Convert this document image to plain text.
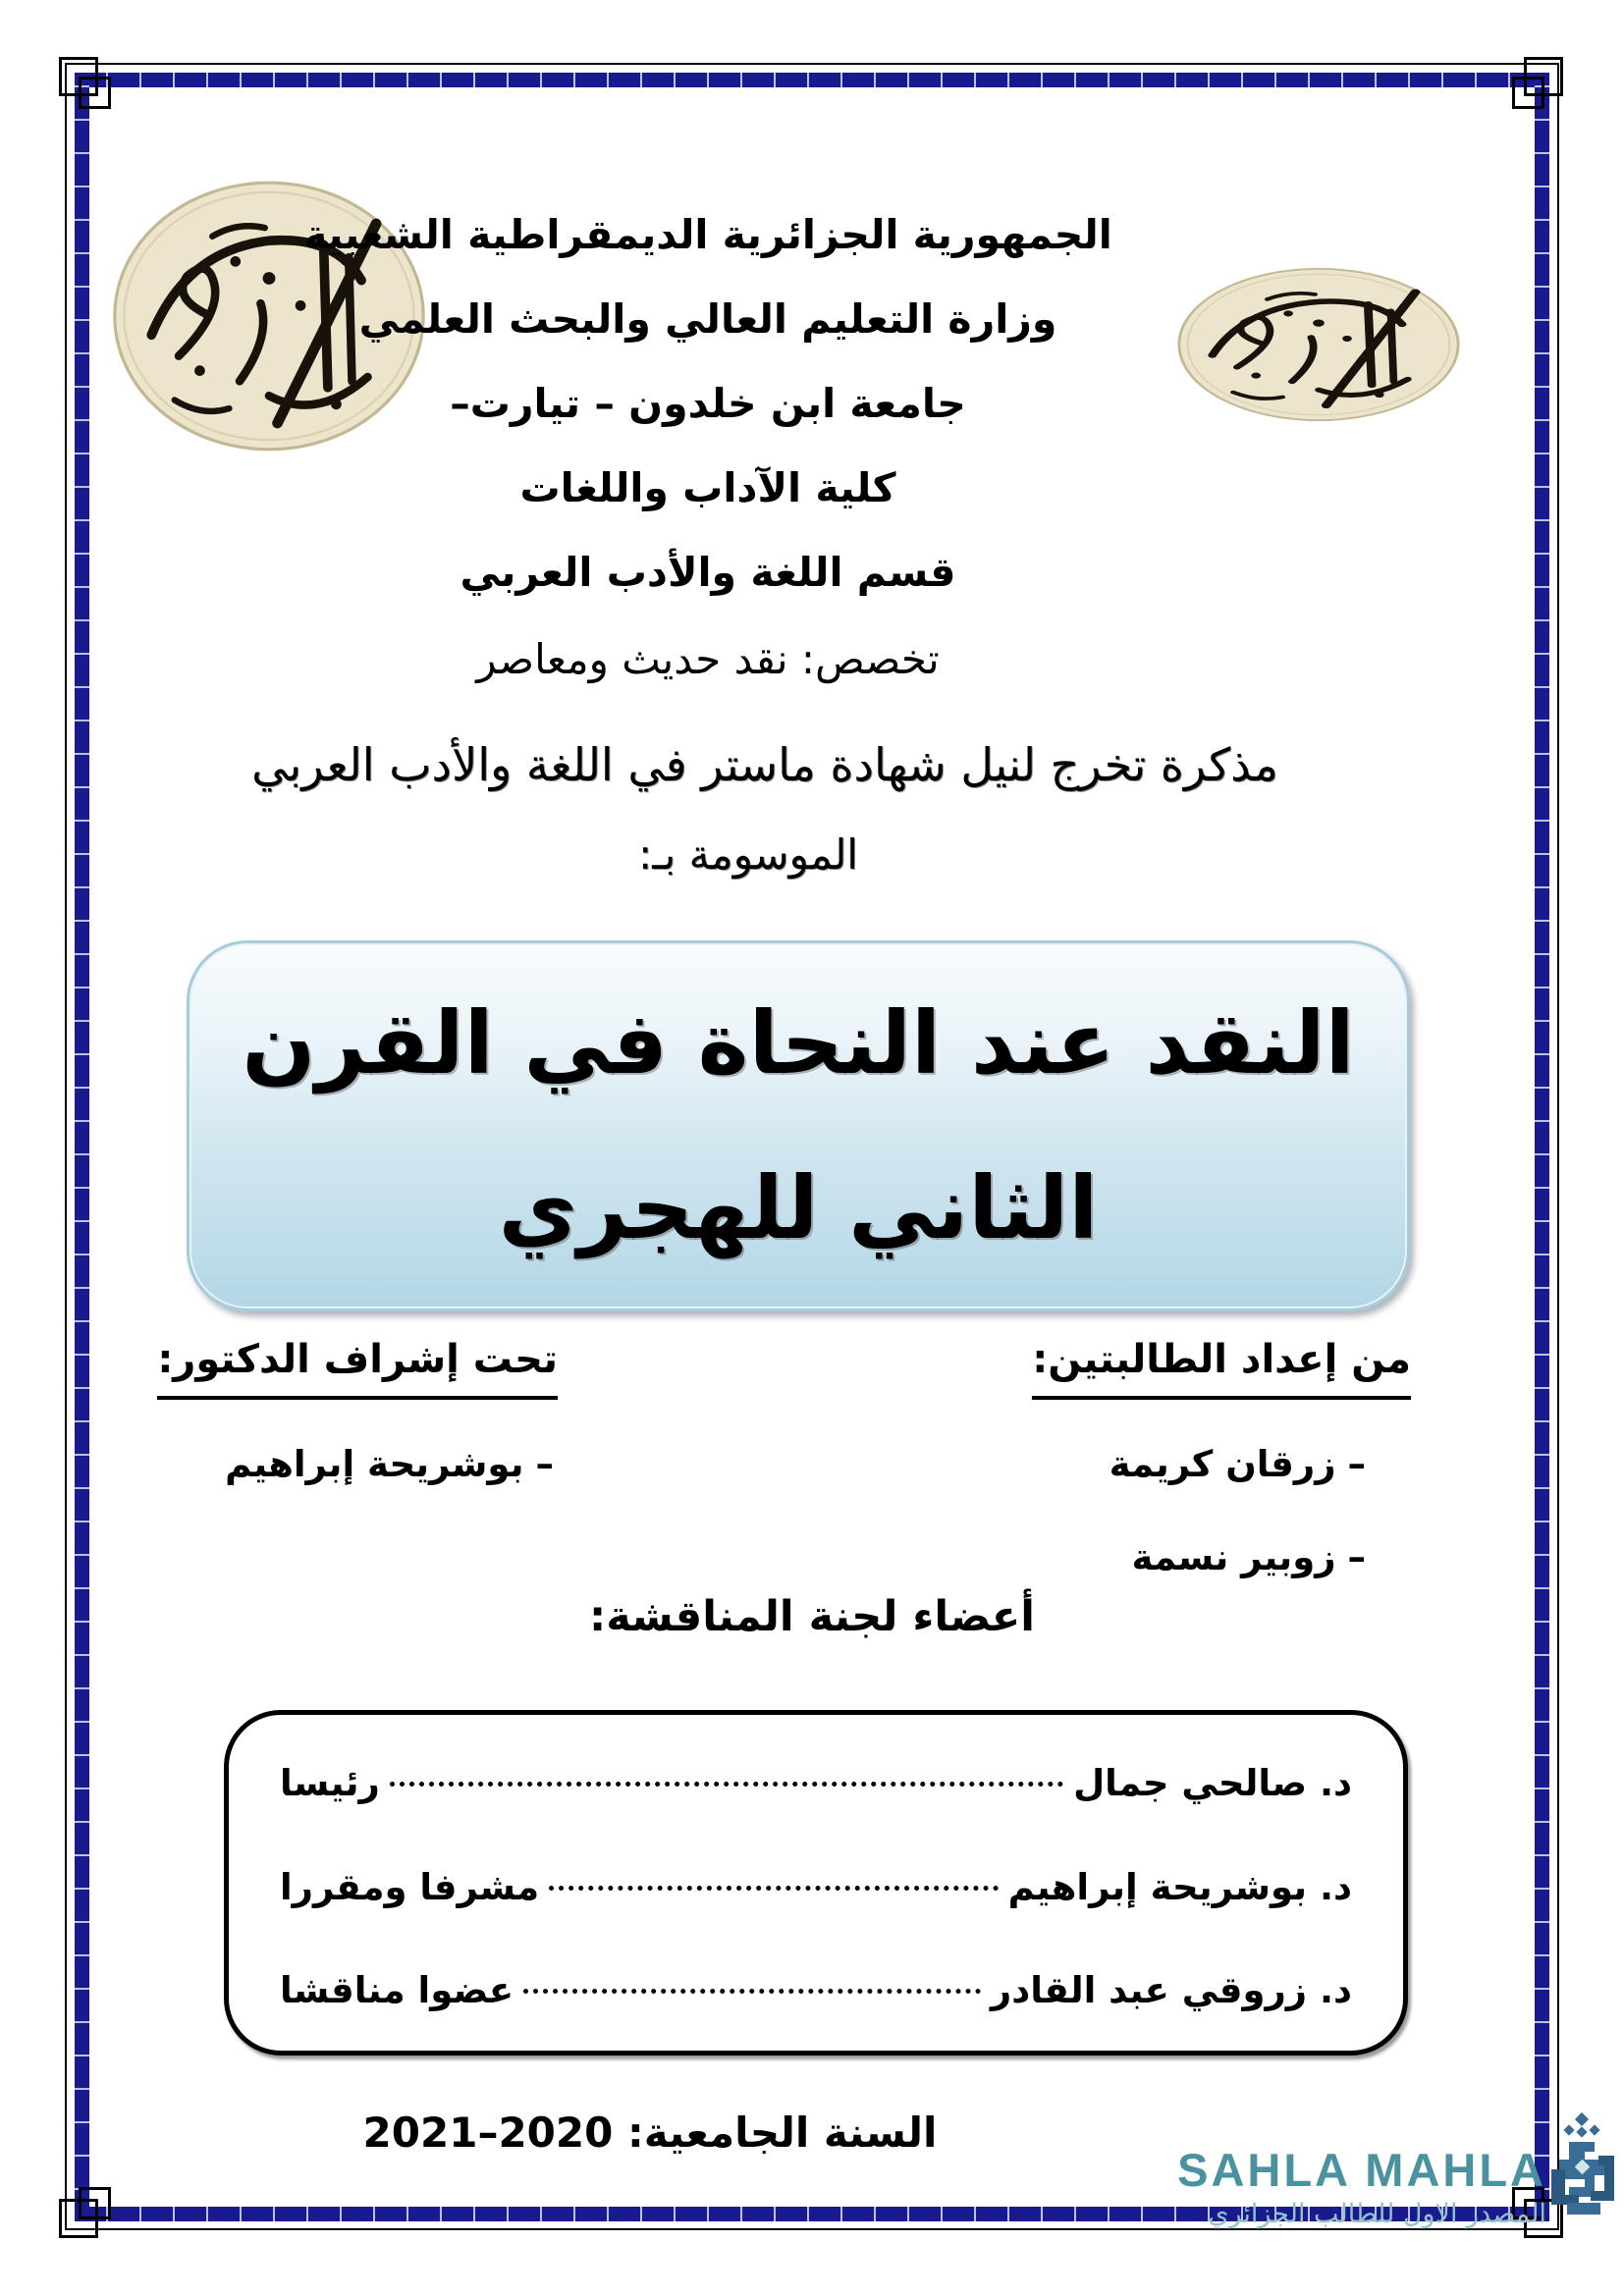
الجمهورية الجزائرية الديمقراطية الشعبية
وزارة التعليم العالي والبحث العلمي
جامعة ابن خلدون – تيارت–
كلية الآداب واللغات
قسم اللغة والأدب العربي
تخصص: نقد حديث ومعاصر
مذكرة تخرج لنيل شهادة ماستر في اللغة والأدب العربي
الموسومة بـ:
النقد عند النحاة في القرن
الثاني للهجري
من إعداد الطالبتين:
–زرقان كريمة
–زوبير نسمة
تحت إشراف الدكتور:
–بوشريحة إبراهيم
أعضاء لجنة المناقشة:
د. صالحي جمال
رئيسا
د. بوشريحة إبراهيم
مشرفا ومقررا
د. زروقي عبد القادر
عضوا مناقشا
السنة الجامعية: 2020–2021
SAHLA MAHLA
المصدر الاول للطالب الجزائري
